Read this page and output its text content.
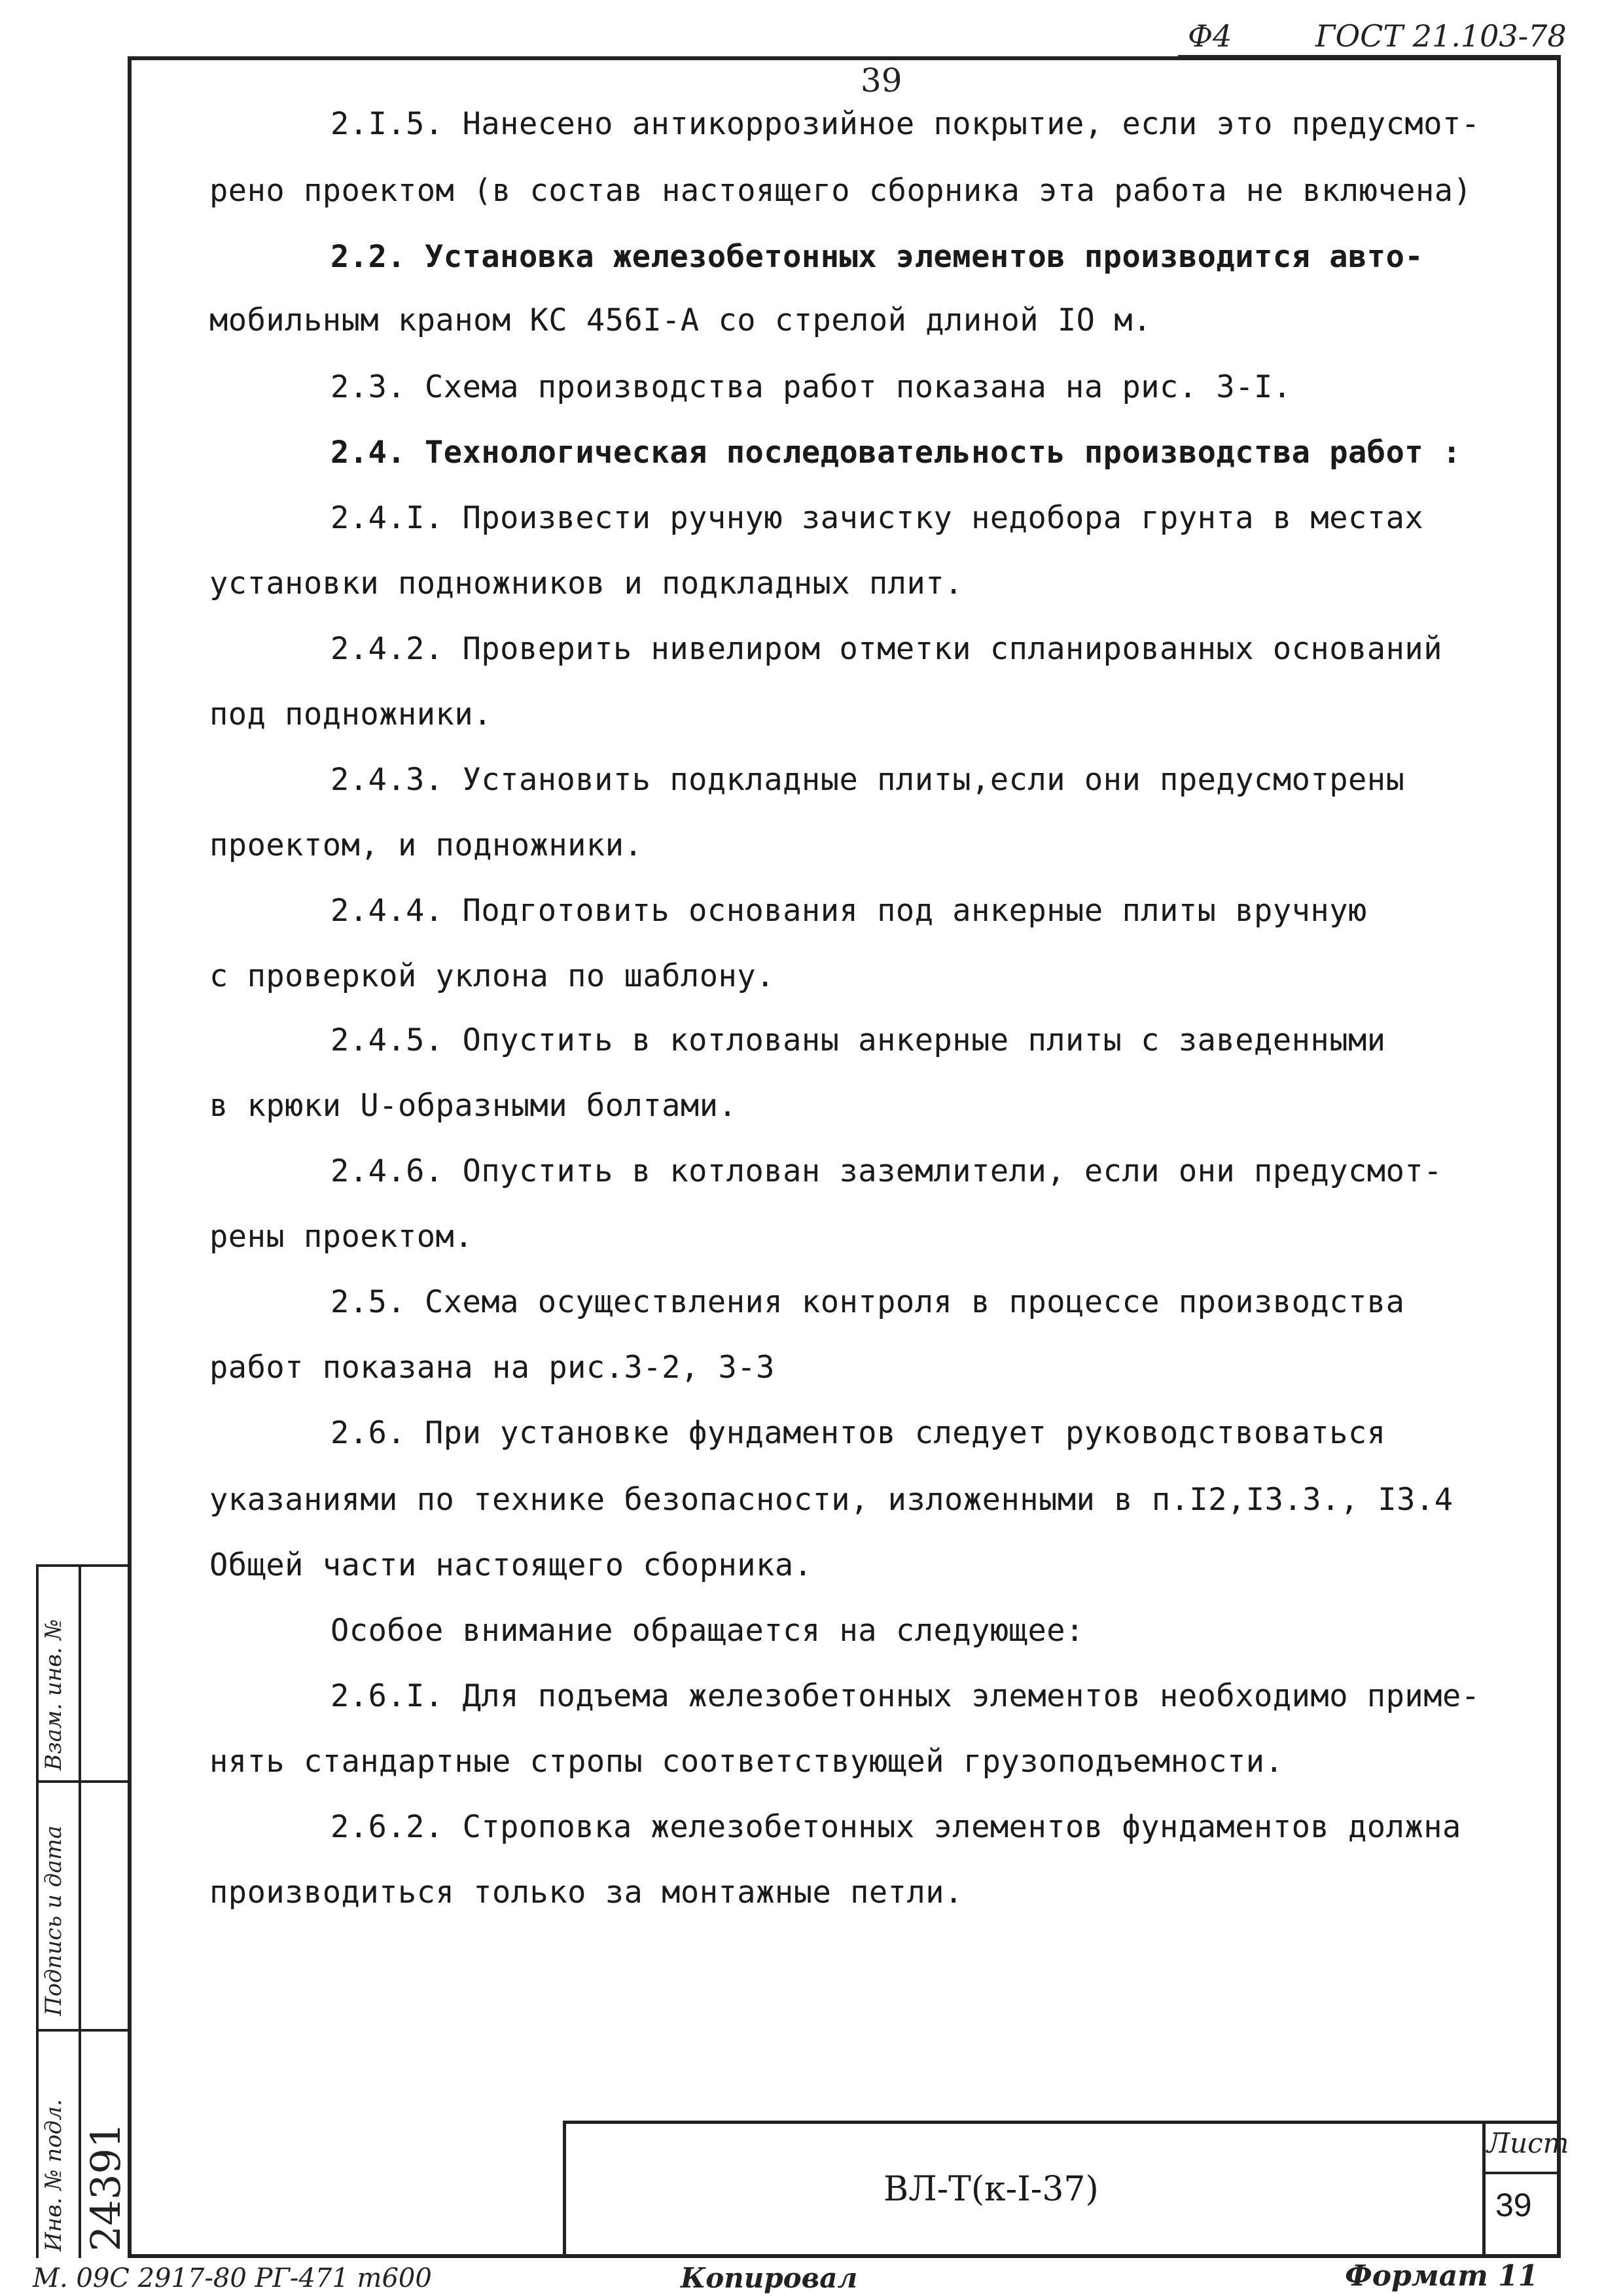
Ф4	ГОСТ 21.103-78
39
2.I.5. Нанесено антикоррозийное покрытие, если это предусмот-
рено проектом (в состав настоящего сборника эта работа не включена)
2.2. Установка железобетонных элементов производится авто-
мобильным краном КС 456I-А со стрелой длиной IO м.
2.3. Схема производства работ показана на рис. 3-I.
2.4. Технологическая последовательность производства работ :
2.4.I. Произвести ручную зачистку недобора грунта в местах
установки подножников и подкладных плит.
2.4.2. Проверить нивелиром отметки спланированных оснований
под подножники.
2.4.3. Установить подкладные плиты,если они предусмотрены
проектом, и подножники.
2.4.4. Подготовить основания под анкерные плиты вручную
с проверкой уклона по шаблону.
2.4.5. Опустить в котлованы анкерные плиты с заведенными
в крюки U-образными болтами.
2.4.6. Опустить в котлован заземлители, если они предусмот-
рены проектом.
2.5. Схема осуществления контроля в процессе производства
работ показана на рис.3-2, 3-3
2.6. При установке фундаментов следует руководствоваться
указаниями по технике безопасности, изложенными в п.I2,I3.3., I3.4
Общей части настоящего сборника.
Особое внимание обращается на следующее:
2.6.I. Для подъема железобетонных элементов необходимо приме-
нять стандартные стропы соответствующей грузоподъемности.
2.6.2. Строповка железобетонных элементов фундаментов должна
производиться только за монтажные петли.
ВЛ-Т(к-I-37)
Лист
39
Инв. № подл. 24391
Подпись и дата
Взам. инв. №
М. 09С 2917-80 РГ-471 т600	Копировал	Формат 11
